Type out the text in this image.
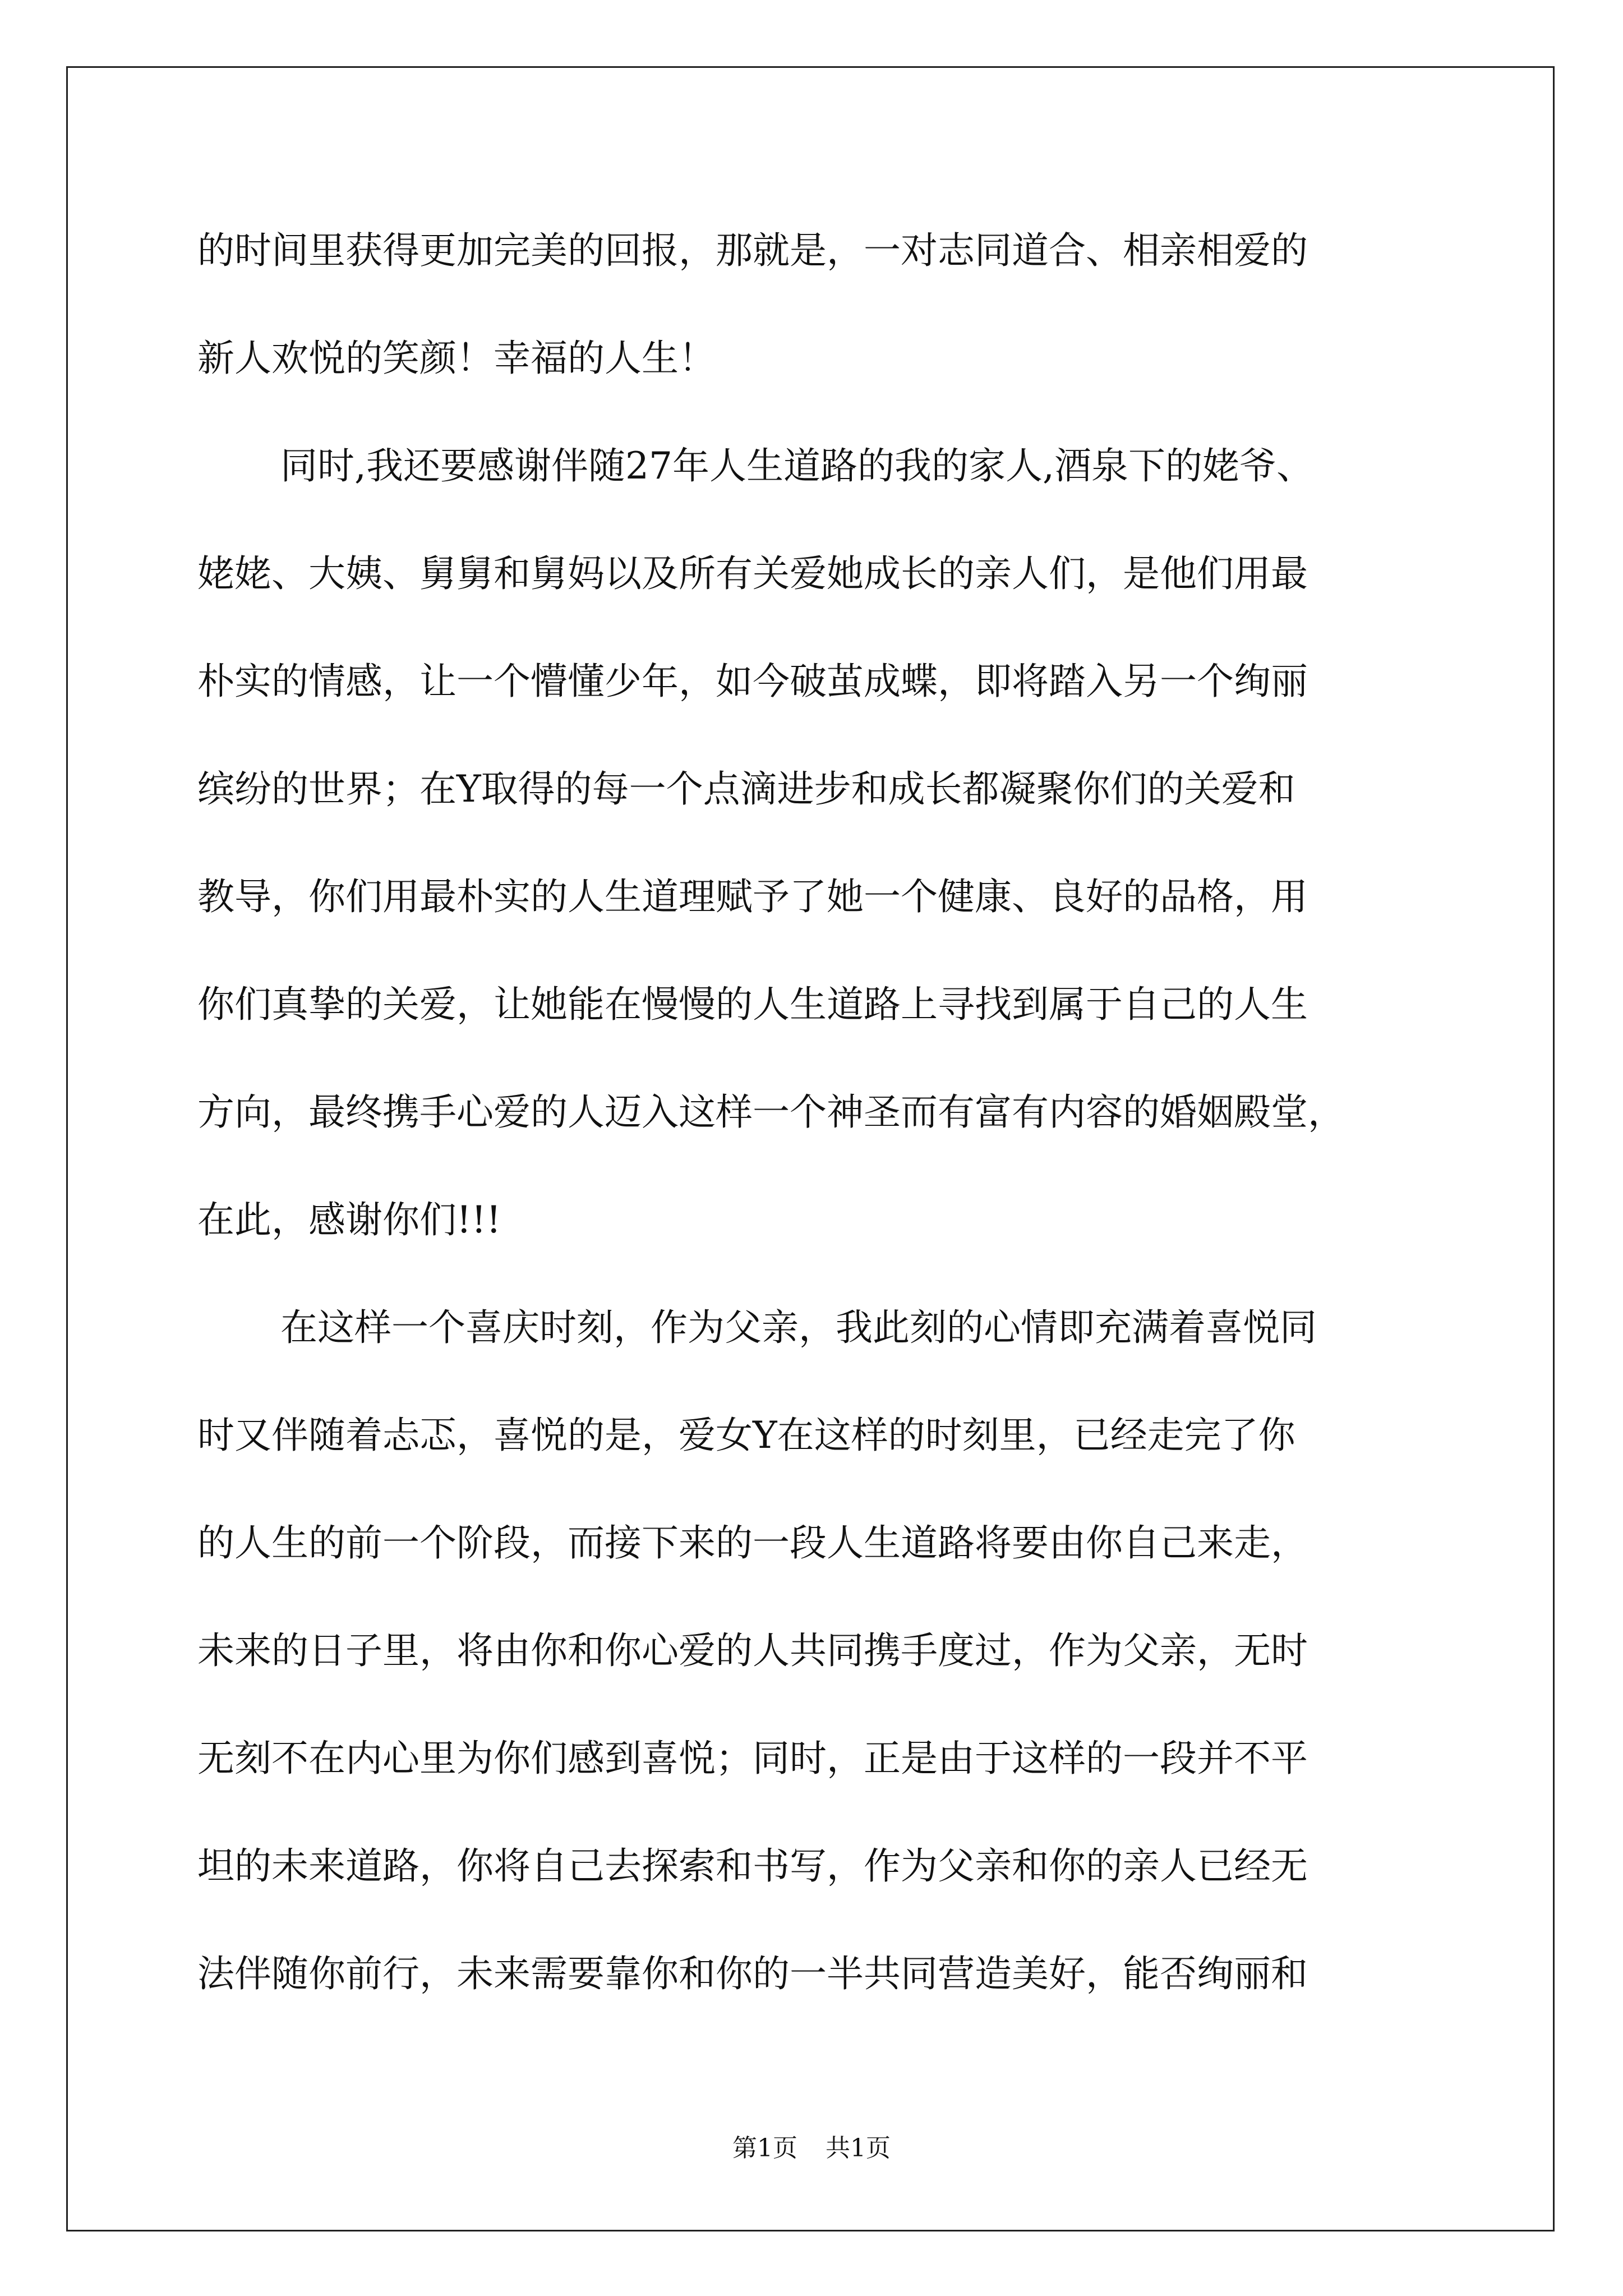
的时间里获得更加完美的回报，那就是，一对志同道合、相亲相爱的
新人欢悦的笑颜！幸福的人生！
同时,我还要感谢伴随27年人生道路的我的家人,酒泉下的姥爷、
姥姥、大姨、舅舅和舅妈以及所有关爱她成长的亲人们，是他们用最
朴实的情感，让一个懵懂少年，如今破茧成蝶，即将踏入另一个绚丽
缤纷的世界；在Y取得的每一个点滴进步和成长都凝聚你们的关爱和
教导，你们用最朴实的人生道理赋予了她一个健康、良好的品格，用
你们真挚的关爱，让她能在慢慢的人生道路上寻找到属于自己的人生
方向，最终携手心爱的人迈入这样一个神圣而有富有内容的婚姻殿堂，
在此，感谢你们!!!
在这样一个喜庆时刻，作为父亲，我此刻的心情即充满着喜悦同
时又伴随着忐忑，喜悦的是，爱女Y在这样的时刻里，已经走完了你
的人生的前一个阶段，而接下来的一段人生道路将要由你自己来走，
未来的日子里，将由你和你心爱的人共同携手度过，作为父亲，无时
无刻不在内心里为你们感到喜悦；同时，正是由于这样的一段并不平
坦的未来道路，你将自己去探索和书写，作为父亲和你的亲人已经无
法伴随你前行，未来需要靠你和你的一半共同营造美好，能否绚丽和
第1页 共1页
